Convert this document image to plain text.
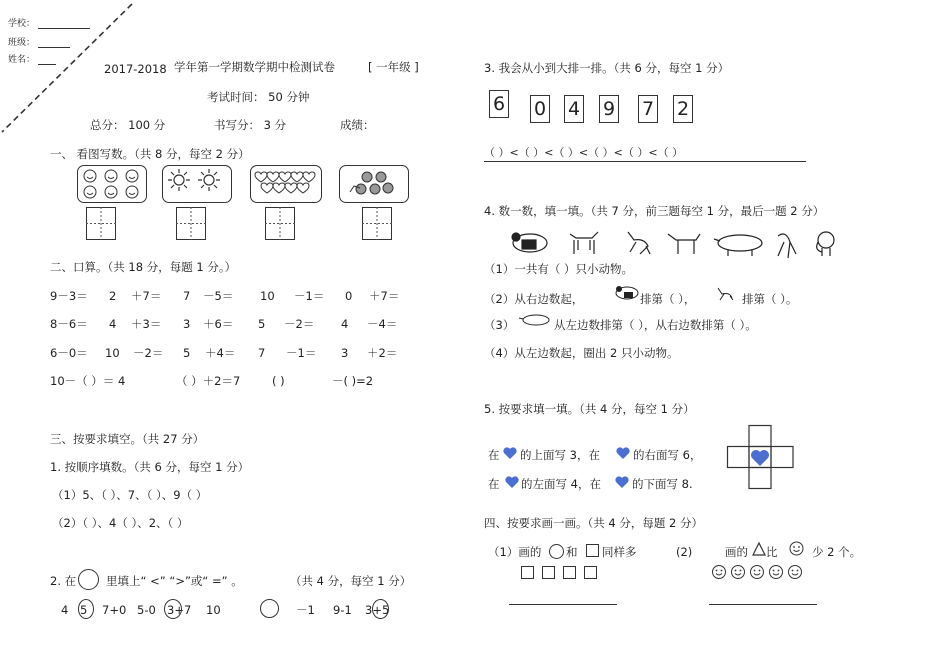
学校：
班级：
姓名：
2017-2018 学年第一学期数学期中检测试卷	[ 一年级 ]
考试时间： 50 分钟
总分： 100 分	书写分： 3 分	成绩：
一、 看图写数。（共 8 分，每空 2 分）
二、口算。（共 18 分，每题 1 分。）
9－3＝ 2 ＋7＝ 7 －5＝ 10 －1＝ 0 ＋7＝
8－6＝ 4 ＋3＝ 3 ＋6＝ 5 －2＝ 4 －4＝
6－0＝ 10 －2＝ 5 ＋4＝ 7 －1＝ 3 ＋2＝
10－（ ）＝ 4	（ ）＋2＝7	( )	－( )=2
三、按要求填空。（共 27 分）
1. 按顺序填数。（共 6 分，每空 1 分）
（1）5、（ ）、7、（ ）、9（ ）
（2）（ ）、4（ ）、2、（ ）
2. 在	里填上“ <” “>”或“ =” 。	（共 4 分，每空 1 分）
4 5 7+0 5-0 3+7 10	－1 9-1 3+5
3. 我会从小到大排一排。（共 6 分，每空 1 分）
6 0 4 9 7 2
（ ）<（ ）<（ ）<（ ）<（ ）<（ ）
4. 数一数，填一填。（共 7 分，前三题每空 1 分，最后一题 2 分）
（1）一共有（ ）只小动物。
（2）从右边数起，	排第（ ），	排第（ ）。
（3）	从左边数排第（ ），从右边数排第（ ）。
（4）从左边数起，圈出 2 只小动物。
5. 按要求填一填。（共 4 分，每空 1 分）
在 的上面写 3，在	的右面写 6，
在 的左面写 4，在	的下面写 8.
四、按要求画一画。（共 4 分，每题 2 分）
（1）画的 和 同样多	(2)	画的 比	少 2 个。
